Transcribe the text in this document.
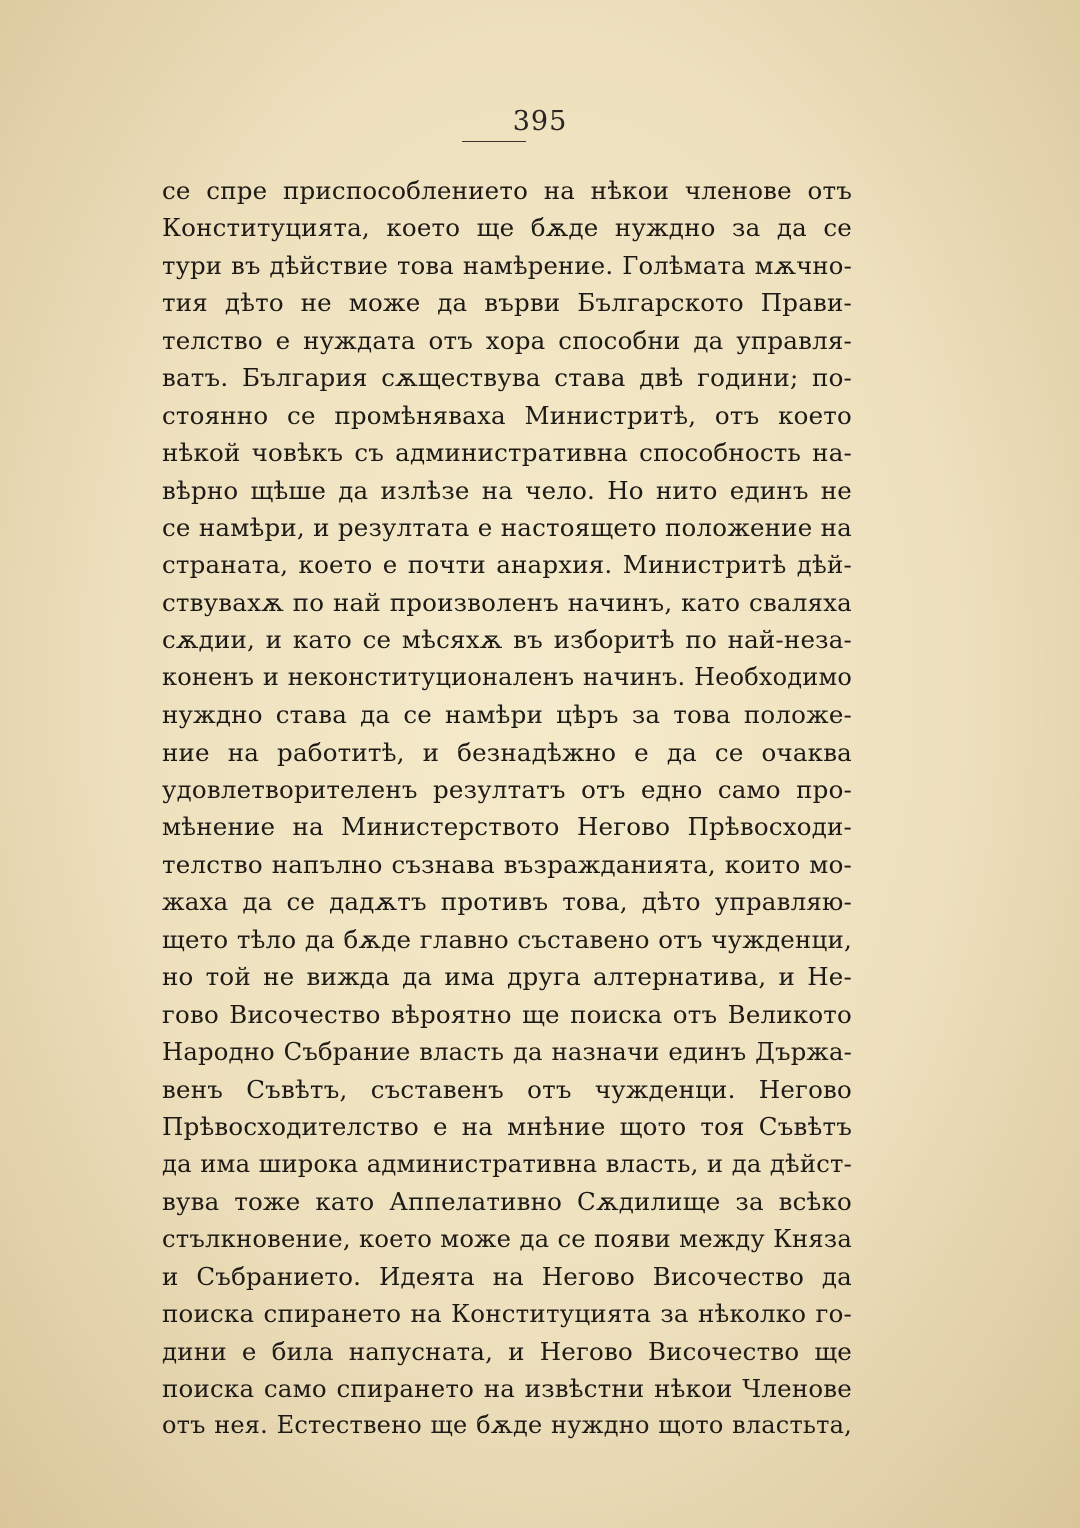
395
се спре приспособлението на нѣкои членове отъ
Конституцията, което ще бѫде нуждно за да се
тури въ дѣйствие това намѣрение. Голѣмата мѫчно-
тия дѣто не може да върви Българското Прави-
телство е нуждата отъ хора способни да управля-
ватъ. България сѫществува става двѣ години; по-
стоянно се промѣняваха Министритѣ, отъ което
нѣкой човѣкъ съ административна способность на-
вѣрно щѣше да излѣзе на чело. Но нито единъ не
се намѣри, и резултата е настоящето положение на
страната, което е почти анархия. Министритѣ дѣй-
ствувахѫ по най произволенъ начинъ, като сваляха
сѫдии, и като се мѣсяхѫ въ изборитѣ по най-неза-
коненъ и неконституционаленъ начинъ. Необходимо
нуждно става да се намѣри цѣръ за това положе-
ние на работитѣ, и безнадѣжно е да се очаква
удовлетворителенъ резултатъ отъ едно само про-
мѣнение на Министерството Негово Прѣвосходи-
телство напълно съзнава възражданията, които мо-
жаха да се дадѫтъ противъ това, дѣто управляю-
щето тѣло да бѫде главно съставено отъ чужденци,
но той не вижда да има друга алтернатива, и Не-
гово Височество вѣроятно ще поиска отъ Великото
Народно Събрание власть да назначи единъ Държа-
венъ Съвѣтъ, съставенъ отъ чужденци. Негово
Прѣвосходителство е на мнѣние щото тоя Съвѣтъ
да има широка административна власть, и да дѣйст-
вува тоже като Аппелативно Сѫдилище за всѣко
стълкновение, което може да се появи между Княза
и Събранието. Идеята на Негово Височество да
поиска спирането на Конституцията за нѣколко го-
дини е била напусната, и Негово Височество ще
поиска само спирането на извѣстни нѣкои Членове
отъ нея. Естествено ще бѫде нуждно щото властьта,
